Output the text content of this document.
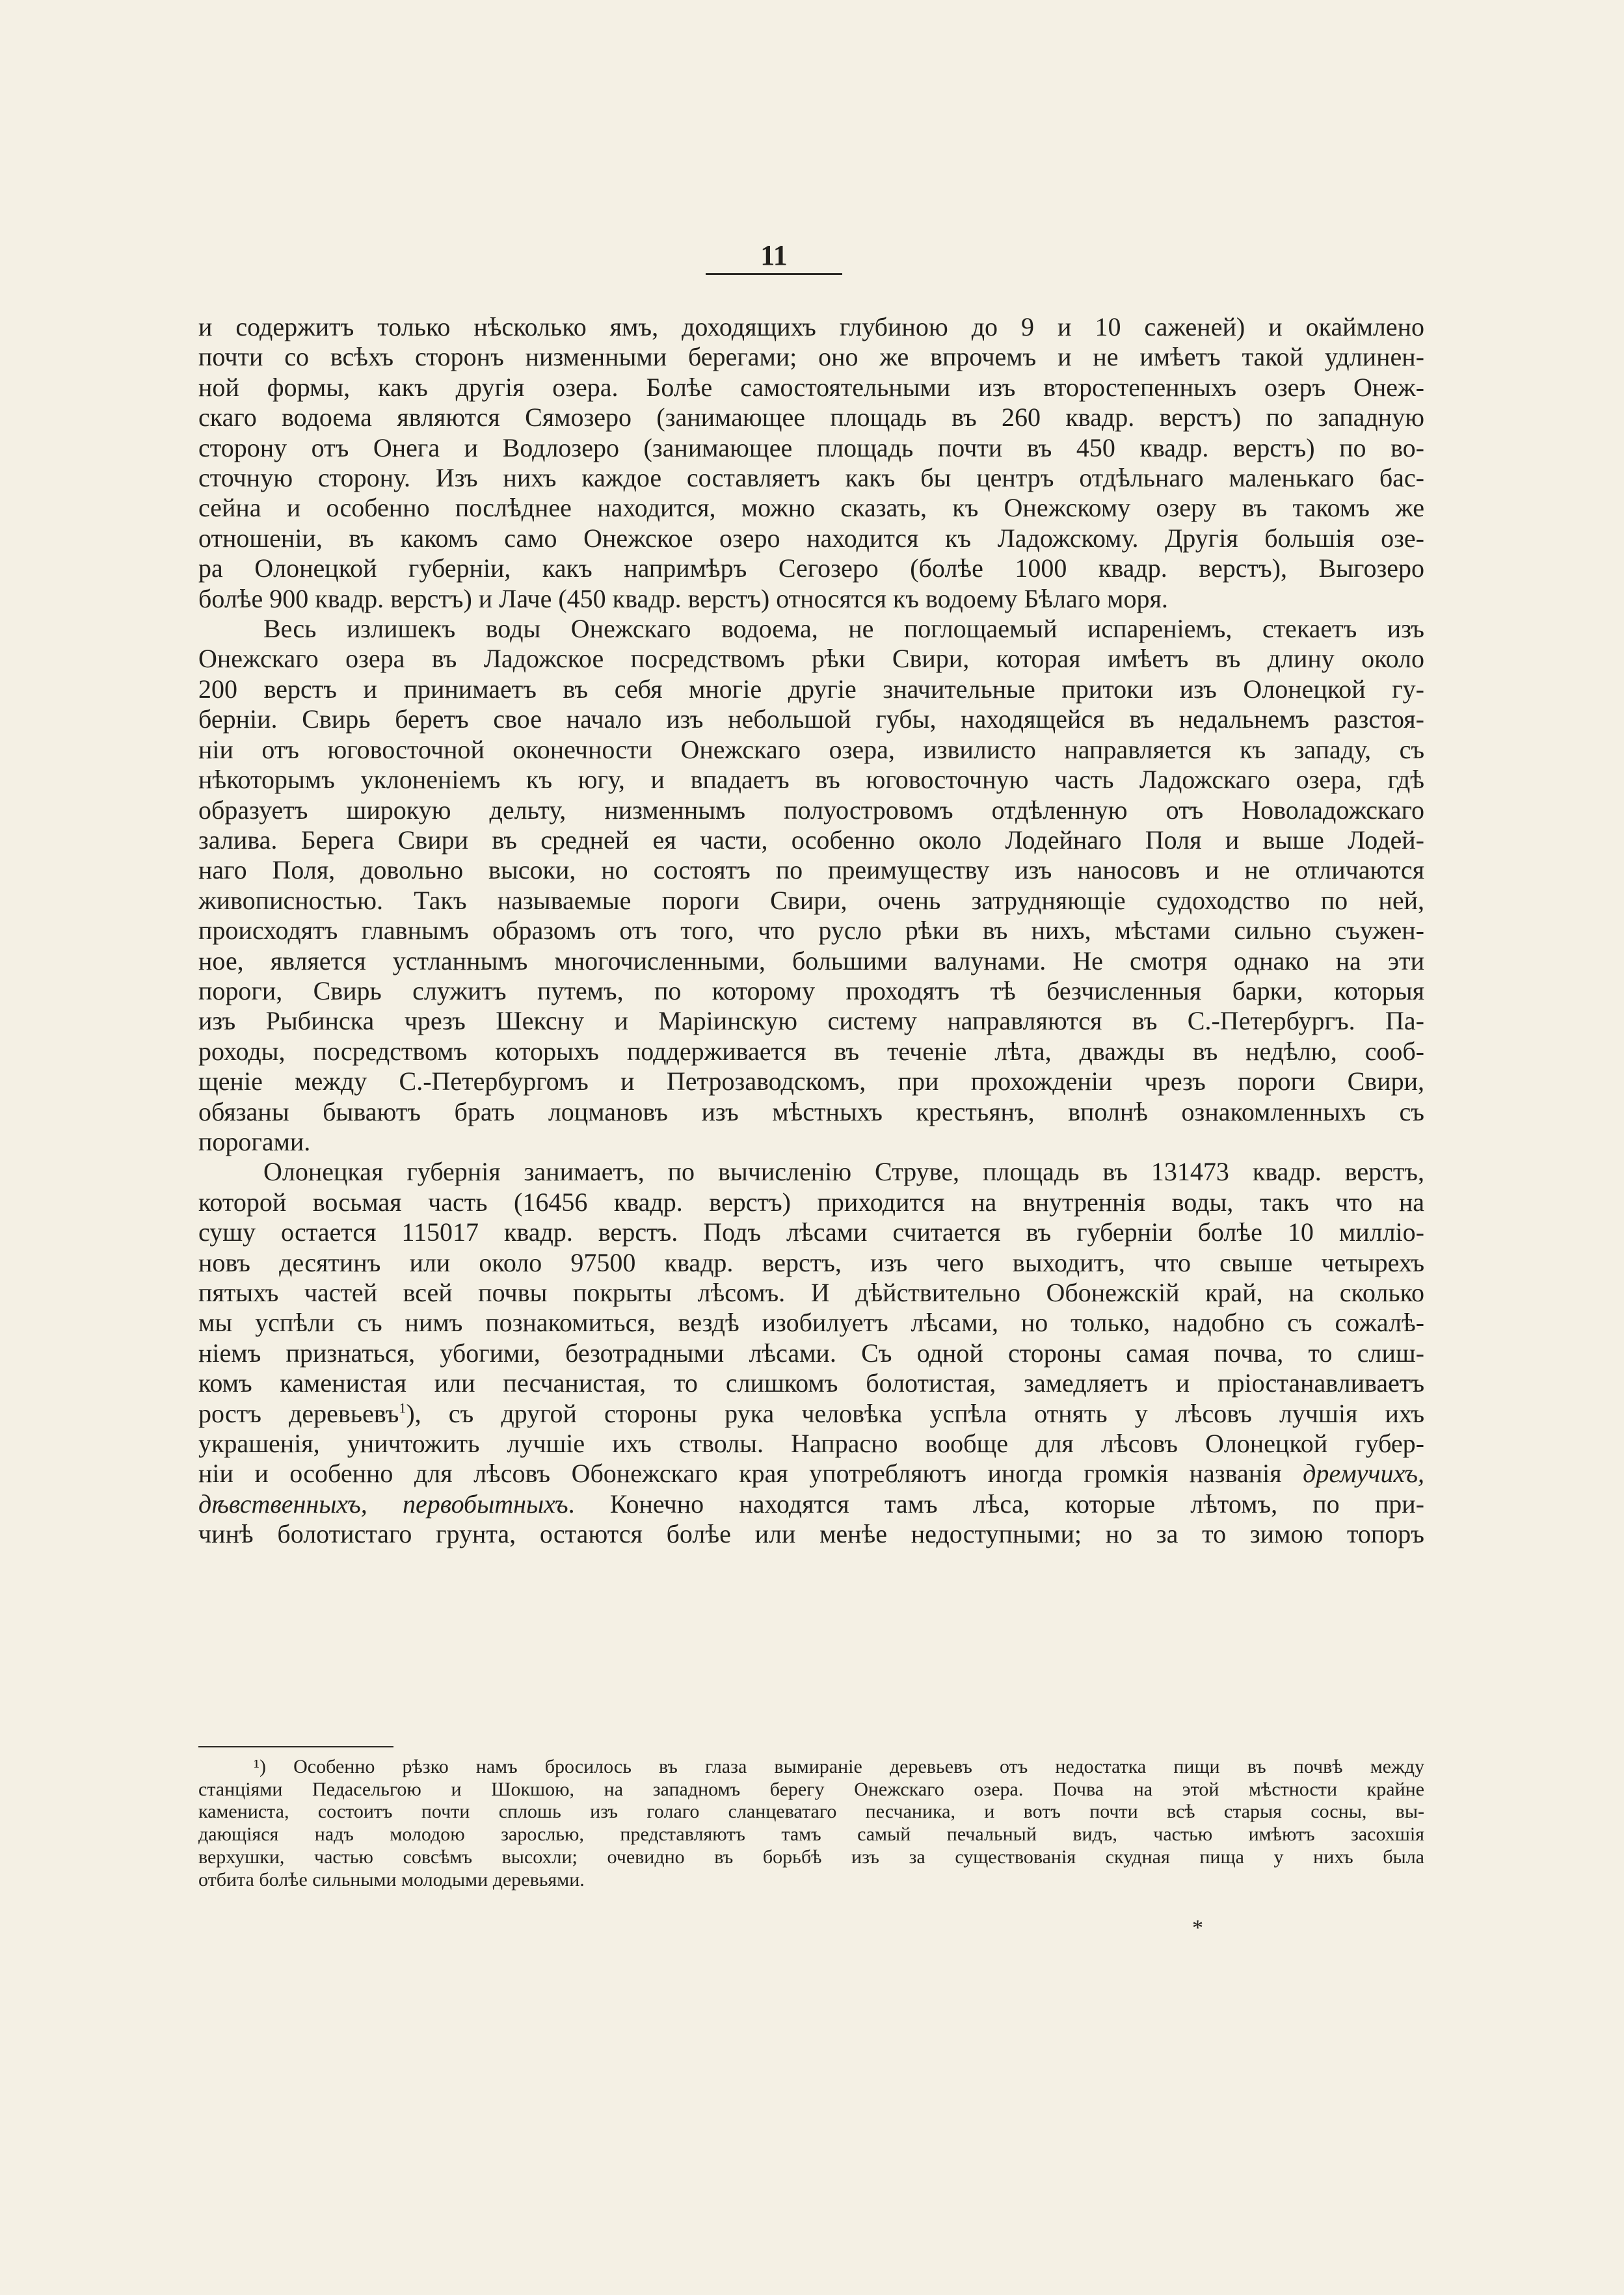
11

и содержитъ только нѣсколько ямъ, доходящихъ глубиною до 9 и 10 саженей) и окаймлено

почти со всѣхъ сторонъ низменными берегами; оно же впрочемъ и не имѣетъ такой удлинен-

ной формы, какъ другія озера. Болѣе самостоятельными изъ второстепенныхъ озеръ Онеж-

скаго водоема являются Сямозеро (занимающее площадь въ 260 квадр. верстъ) по западную

сторону отъ Онега и Водлозеро (занимающее площадь почти въ 450 квадр. верстъ) по во-

сточную сторону. Изъ нихъ каждое составляетъ какъ бы центръ отдѣльнаго маленькаго бас-

сейна и особенно послѣднее находится, можно сказать, къ Онежскому озеру въ такомъ же

отношеніи, въ какомъ само Онежское озеро находится къ Ладожскому. Другія большія озе-

ра Олонецкой губерніи, какъ напримѣръ Сегозеро (болѣе 1000 квадр. верстъ), Выгозеро

болѣе 900 квадр. верстъ) и Лаче (450 квадр. верстъ) относятся къ водоему Бѣлаго моря.

Весь излишекъ воды Онежскаго водоема, не поглощаемый испареніемъ, стекаетъ изъ

Онежскаго озера въ Ладожское посредствомъ рѣки Свири, которая имѣетъ въ длину около

200 верстъ и принимаетъ въ себя многіе другіе значительные притоки изъ Олонецкой гу-

берніи. Свирь беретъ свое начало изъ небольшой губы, находящейся въ недальнемъ разстоя-

ніи отъ юговосточной оконечности Онежскаго озера, извилисто направляется къ западу, съ

нѣкоторымъ уклоненіемъ къ югу, и впадаетъ въ юговосточную часть Ладожскаго озера, гдѣ

образуетъ широкую дельту, низменнымъ полуостровомъ отдѣленную отъ Новоладожскаго

залива. Берега Свири въ средней ея части, особенно около Лодейнаго Поля и выше Лодей-

наго Поля, довольно высоки, но состоятъ по преимуществу изъ наносовъ и не отличаются

живописностью. Такъ называемые пороги Свири, очень затрудняющіе судоходство по ней,

происходятъ главнымъ образомъ отъ того, что русло рѣки въ нихъ, мѣстами сильно съужен-

ное, является устланнымъ многочисленными, большими валунами. Не смотря однако на эти

пороги, Свирь служитъ путемъ, по которому проходятъ тѣ безчисленныя барки, которыя

изъ Рыбинска чрезъ Шексну и Маріинскую систему направляются въ С.-Петербургъ. Па-

роходы, посредствомъ которыхъ поддерживается въ теченіе лѣта, дважды въ недѣлю, сооб-

щеніе между С.-Петербургомъ и Петрозаводскомъ, при прохожденіи чрезъ пороги Свири,

обязаны бываютъ брать лоцмановъ изъ мѣстныхъ крестьянъ, вполнѣ ознакомленныхъ съ

порогами.

Олонецкая губернія занимаетъ, по вычисленію Струве, площадь въ 131473 квадр. верстъ,

которой восьмая часть (16456 квадр. верстъ) приходится на внутреннія воды, такъ что на

сушу остается 115017 квадр. верстъ. Подъ лѣсами считается въ губерніи болѣе 10 милліо-

новъ десятинъ или около 97500 квадр. верстъ, изъ чего выходитъ, что свыше четырехъ

пятыхъ частей всей почвы покрыты лѣсомъ. И дѣйствительно Обонежскій край, на сколько

мы успѣли съ нимъ познакомиться, вездѣ изобилуетъ лѣсами, но только, надобно съ сожалѣ-

ніемъ признаться, убогими, безотрадными лѣсами. Съ одной стороны самая почва, то слиш-

комъ каменистая или песчанистая, то слишкомъ болотистая, замедляетъ и пріостанавливаетъ

ростъ деревьевъ$^1$), съ другой стороны рука человѣка успѣла отнять у лѣсовъ лучшія ихъ

украшенія, уничтожить лучшіе ихъ стволы. Напрасно вообще для лѣсовъ Олонецкой губер-

ніи и особенно для лѣсовъ Обонежскаго края употребляютъ иногда громкія названія дремучихъ, дѣвственныхъ, первобытныхъ. Конечно находятся тамъ лѣса, которые лѣтомъ, по при-

чинѣ болотистаго грунта, остаются болѣе или менѣе недоступными; но за то зимою топоръ

¹) Особенно рѣзко намъ бросилось въ глаза вымираніе деревьевъ отъ недостатка пищи въ почвѣ между

станціями Педасельгою и Шокшою, на западномъ берегу Онежскаго озера. Почва на этой мѣстности крайне

камениста, состоитъ почти сплошь изъ голаго сланцеватаго песчаника, и вотъ почти всѣ старыя сосны, вы-

дающіяся надъ молодою зарослью, представляютъ тамъ самый печальный видъ, частью имѣютъ засохшія

верхушки, частью совсѣмъ высохли; очевидно въ борьбѣ изъ за существованія скудная пища у нихъ была

отбита болѣе сильными молодыми деревьями.

*
